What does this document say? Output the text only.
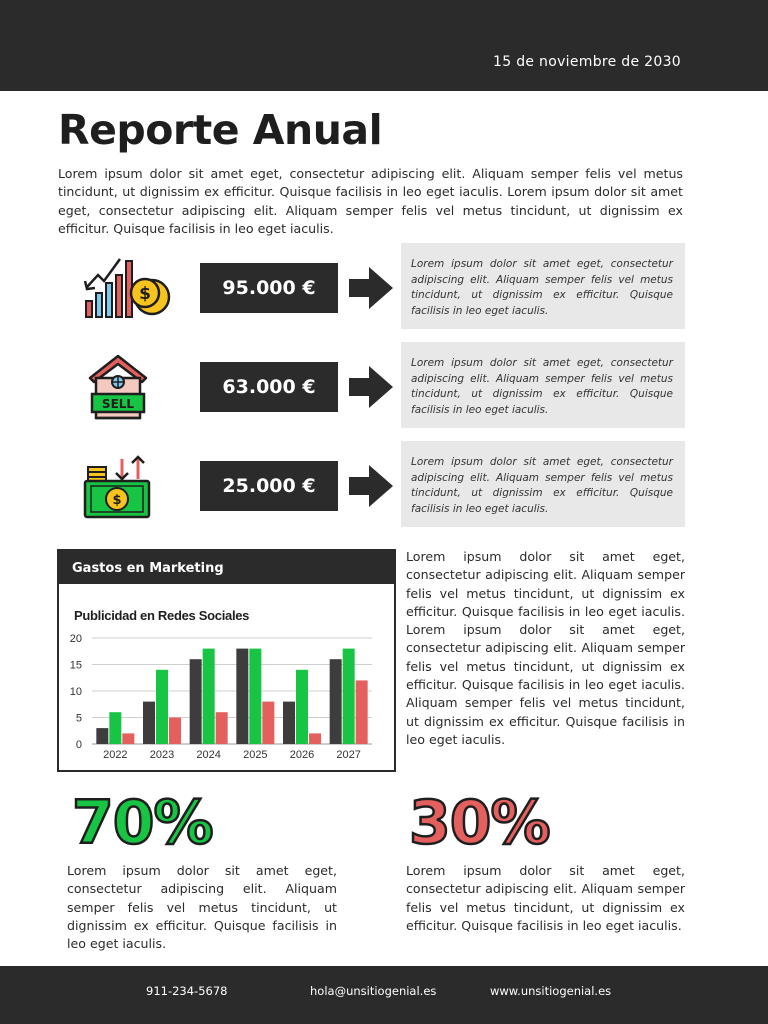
15 de noviembre de 2030
Reporte Anual

Lorem ipsum dolor sit amet eget, consectetur adipiscing elit. Aliquam semper felis vel metus tincidunt, ut dignissim ex efficitur. Quisque facilisis in leo eget iaculis. Lorem ipsum dolor sit amet eget, consectetur adipiscing elit. Aliquam semper felis vel metus tincidunt, ut dignissim ex efficitur. Quisque facilisis in leo eget iaculis.

$	95.000 €
Lorem ipsum dolor sit amet eget, consectetur adipiscing elit. Aliquam semper felis vel metus tincidunt, ut dignissim ex efficitur. Quisque facilisis in leo eget iaculis.
SELL
63.000 €
Lorem ipsum dolor sit amet eget, consectetur adipiscing elit. Aliquam semper felis vel metus tincidunt, ut dignissim ex efficitur. Quisque facilisis in leo eget iaculis.
$
25.000 €
Lorem ipsum dolor sit amet eget, consectetur adipiscing elit. Aliquam semper felis vel metus tincidunt, ut dignissim ex efficitur. Quisque facilisis in leo eget iaculis.
Gastos en Marketing
Publicidad en Redes Sociales
0
5
10
15
20
2022 2023 2024 2025 2026 2027

Lorem ipsum dolor sit amet eget, consectetur adipiscing elit. Aliquam semper felis vel metus tincidunt, ut dignissim ex efficitur. Quisque facilisis in leo eget iaculis. Lorem ipsum dolor sit amet eget, consectetur adipiscing elit. Aliquam semper felis vel metus tincidunt, ut dignissim ex efficitur. Quisque facilisis in leo eget iaculis. Aliquam semper felis vel metus tincidunt, ut dignissim ex efficitur. Quisque facilisis in leo eget iaculis.

70%

Lorem ipsum dolor sit amet eget, consectetur adipiscing elit. Aliquam semper felis vel metus tincidunt, ut dignissim ex efficitur. Quisque facilisis in leo eget iaculis.

30%

Lorem ipsum dolor sit amet eget, consectetur adipiscing elit. Aliquam semper felis vel metus tincidunt, ut dignissim ex efficitur. Quisque facilisis in leo eget iaculis.

911-234-5678	hola@unsitiogenial.es	www.unsitiogenial.es
